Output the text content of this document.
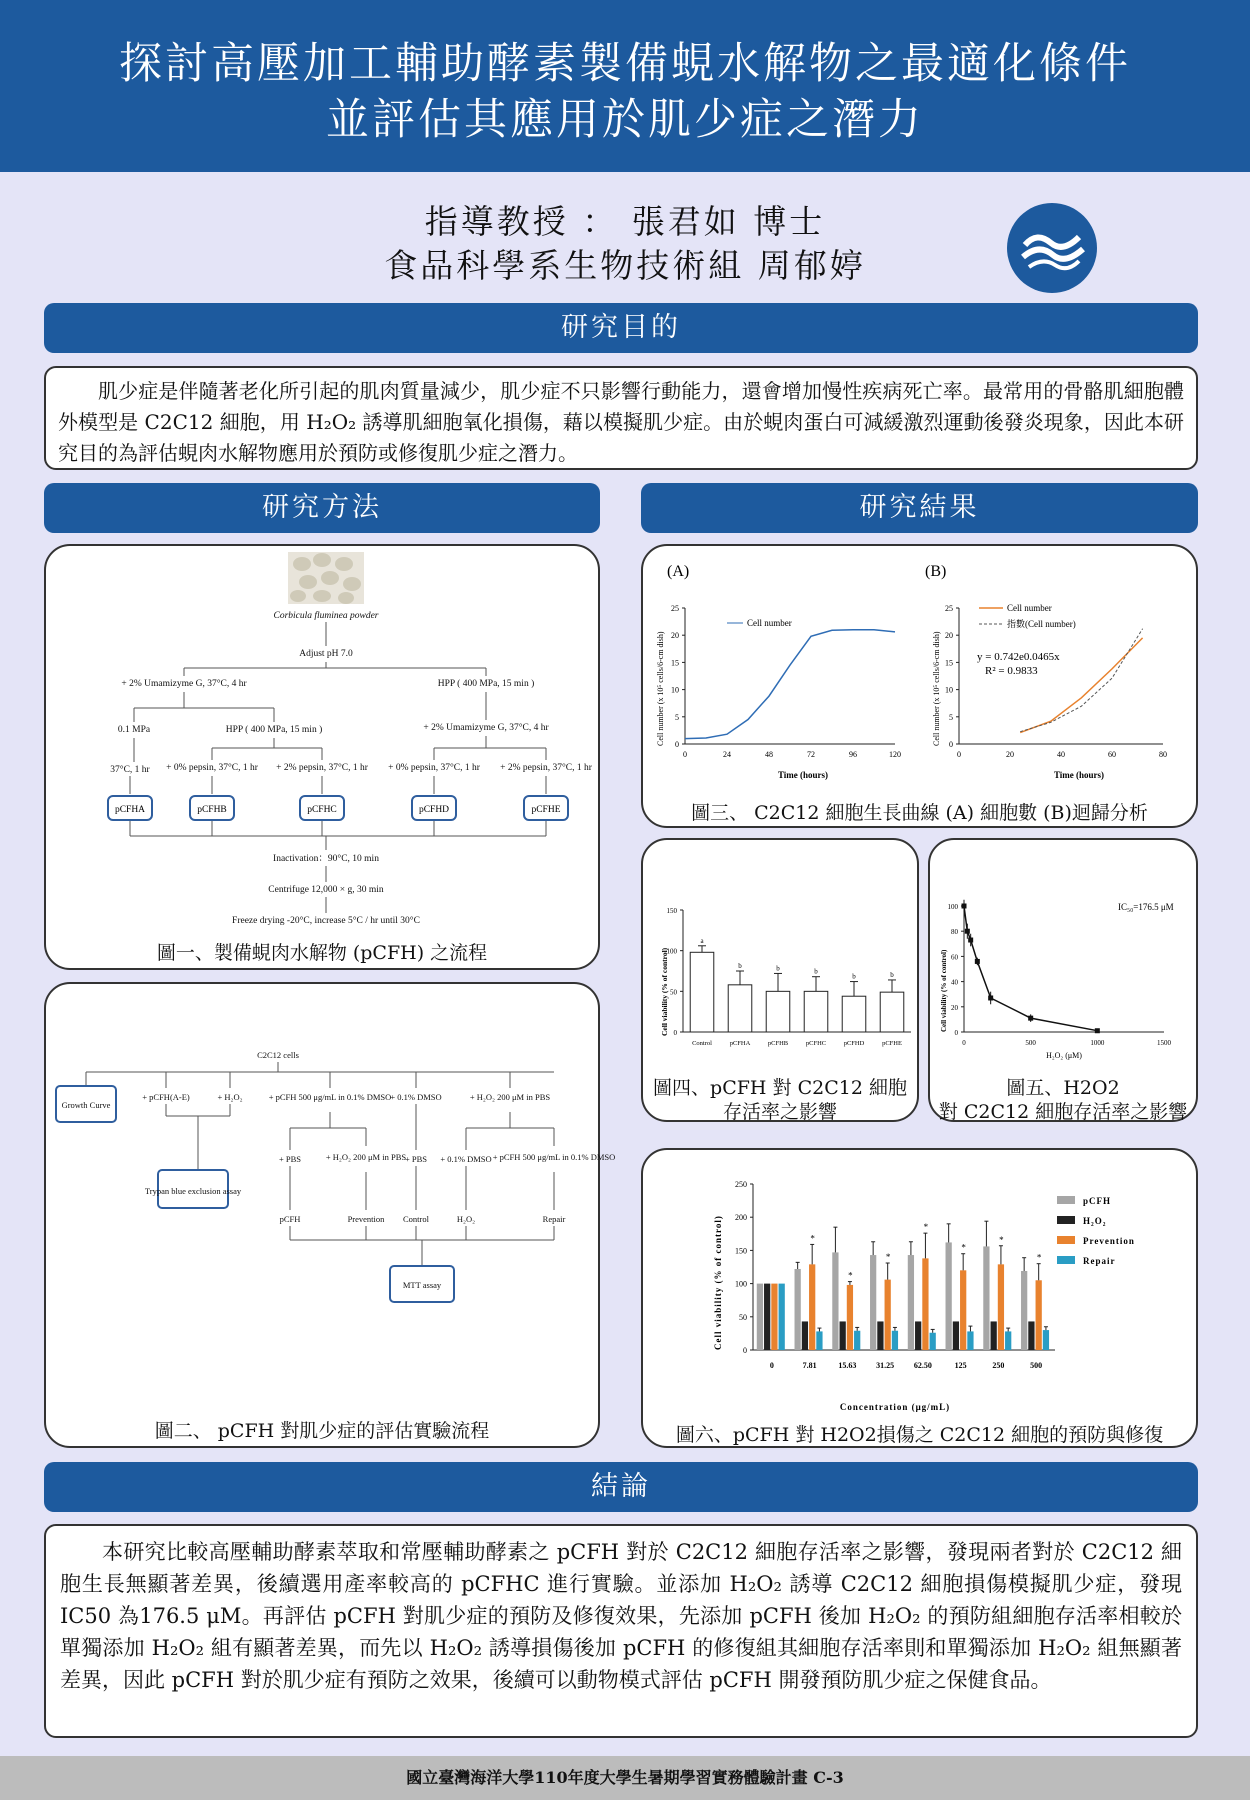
探討高壓加工輔助酵素製備蜆水解物之最適化條件
並評估其應用於肌少症之潛力
指導教授 ： 張君如 博士
食品科學系生物技術組 周郁婷
研究目的
肌少症是伴隨著老化所引起的肌肉質量減少，肌少症不只影響行動能力，還會增加慢性疾病死亡率。最常用的骨骼肌細胞體外模型是 C2C12 細胞，用 H₂O₂ 誘導肌細胞氧化損傷，藉以模擬肌少症。由於蜆肉蛋白可減緩激烈運動後發炎現象，因此本研究目的為評估蜆肉水解物應用於預防或修復肌少症之潛力。
研究方法	研究結果
Corbicula fluminea powder
Adjust pH 7.0
+ 2% Umamizyme G, 37°C, 4 hr	HPP ( 400 MPa, 15 min )
0.1 MPa	HPP ( 400 MPa, 15 min )	+ 2% Umamizyme G, 37°C, 4 hr
37°C, 1 hr + 0% pepsin, 37°C, 1 hr + 2% pepsin, 37°C, 1 hr + 0% pepsin, 37°C, 1 hr + 2% pepsin, 37°C, 1 hr
Inactivation：90°C, 10 min
Centrifuge 12,000 × g, 30 min
Freeze drying -20°C, increase 5°C / hr until 30°C
pCFHA	pCFHB	pCFHC	pCFHD	pCFHE
圖一、製備蜆肉水解物 (pCFH) 之流程
C2C12 cells
Growth Curve
+ pCFH(A-E)	+ H₂O₂	+ pCFH 500 μg/mL in 0.1% DMSO + 0.1% DMSO	+ H₂O₂ 200 μM in PBS
Trypan blue exclusion assay
+ PBS	+ H₂O₂ 200 μM in PBS
+ PBS + 0.1% DMSO + pCFH 500 μg/mL in 0.1% DMSO
pCFH	Prevention Control	H₂O₂	Repair
MTT assay
圖二、 pCFH 對肌少症的評估實驗流程
(A)	(B)
Cell number (x 10⁵ cells/6-cm dish)	Cell number (x 10⁵ cells/6-cm dish)
Time (hours)	Time (hours)
Cell number
Cell number
指數(Cell number)
y = 0.742e0.0465x
R² = 0.9833
0	24	48	72	96	120
0
5
10
15
20
25
0	20	40	60	80
0
5
10
15
20
25
圖三、 C2C12 細胞生長曲線 (A) 細胞數 (B)迴歸分析
Cell viability (% of control) 0
50
100
150
a
Control
b
pCFHA
b
pCFHB
b
pCFHC
b
pCFHD
b
pCFHE
圖四、pCFH 對 C2C12 細胞
存活率之影響
Cell viability (% of control)
H₂O₂ (μM)
IC₅₀=176.5 μM
0	500	1000	1500
0
20
40
60
80
100
圖五、H2O2
對 C2C12 細胞存活率之影響
Cell viability (% of control)
Concentration (μg/mL)
0
50
100
150
200
250
0
*
7.81
*
15.63
*
31.25
*
62.50
*
125
*
250
*
500
pCFH
H₂O₂
Prevention
Repair
圖六、pCFH 對 H2O2損傷之 C2C12 細胞的預防與修復
結論
本研究比較高壓輔助酵素萃取和常壓輔助酵素之 pCFH 對於 C2C12 細胞存活率之影響，發現兩者對於 C2C12 細胞生長無顯著差異，後續選用產率較高的 pCFHC 進行實驗。並添加 H₂O₂ 誘導 C2C12 細胞損傷模擬肌少症，發現 IC50 為176.5 μM。再評估 pCFH 對肌少症的預防及修復效果，先添加 pCFH 後加 H₂O₂ 的預防組細胞存活率相較於單獨添加 H₂O₂ 組有顯著差異，而先以 H₂O₂ 誘導損傷後加 pCFH 的修復組其細胞存活率則和單獨添加 H₂O₂ 組無顯著差異，因此 pCFH 對於肌少症有預防之效果，後續可以動物模式評估 pCFH 開發預防肌少症之保健食品。
國立臺灣海洋大學110年度大學生暑期學習實務體驗計畫 C-3
